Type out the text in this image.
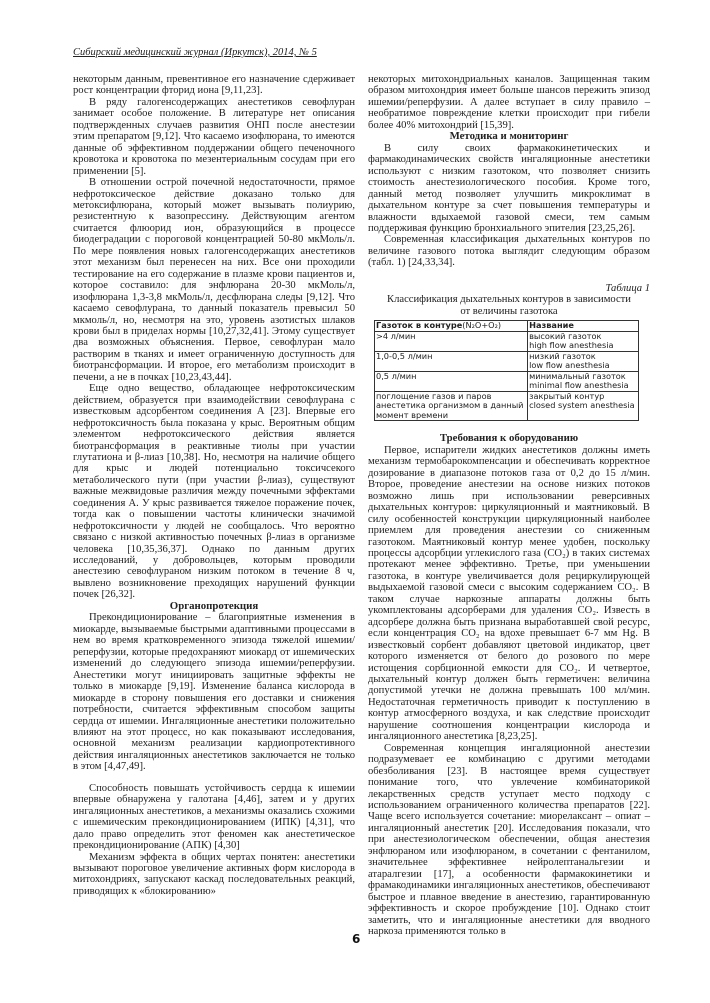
Сибирский медицинский журнал (Иркутск), 2014, № 5

некоторым данным, превентивное его назначение сдерживает рост концентрации фторид иона [9,11,23].

В ряду галогенсодержащих анестетиков севофлуран занимает особое положение. В литературе нет описания подтвержденных случаев развития ОНП после анестезии этим препаратом [9,12]. Что касаемо изофлюрана, то имеются данные об эффективном поддержании общего печеночного кровотока и кровотока по мезентериальным сосудам при его применении [5].

В отношении острой почечной недостаточности, прямое нефротоксическое действие доказано только для метоксифлюрана, который может вызывать полиурию, резистентную к вазопрессину. Действующим агентом считается флюорид ион, образующийся в процессе биодеградации с пороговой концентрацией 50-80 мкМоль/л. По мере появления новых галогенсодержащих анестетиков этот механизм был перенесен на них. Все они проходили тестирование на его содержание в плазме крови пациентов и, которое составило: для энфлюрана 20-30 мкМоль/л, изофлюрана 1,3-3,8 мкМоль/л, десфлюрана следы [9,12]. Что касаемо севофлурана, то данный показатель превысил 50 мкмоль/л, но, несмотря на это, уровень азотистых шлаков крови был в приделах нормы [10,27,32,41]. Этому существует два возможных объяснения. Первое, севофлуран мало растворим в тканях и имеет ограниченную доступность для биотрансформации. И второе, его метаболизм происходит в печени, а не в почках [10,23,43,44].

Еще одно вещество, обладающее нефротоксическим действием, образуется при взаимодействии севофлурана с известковым адсорбентом соединения А [23]. Впервые его нефротоксичность была показана у крыс. Вероятным общим элементом нефротоксического действия является биотрансформация в реактивные тиолы при участии глутатиона и β-лиаз [10,38]. Но, несмотря на наличие общего для крыс и людей потенциально токсичсекого метаболического пути (при участии β-лиаз), существуют важные межвидовые различия между почечными эффектами соединения А. У крыс развивается тяжелое поражение почек, тогда как о повышении частоты клинически значимой нефротоксичности у людей не сообщалось. Что вероятно связано с низкой активностью почечных β-лиаз в организме человека [10,35,36,37]. Однако по данным других исследований, у добровольцев, которым проводили анестезию севофлураном низким потоком в течение 8 ч, вывлено возникновение преходящих нарушений функции почек [26,32].

Органопротекция

Прекондиционирование – благоприятные изменения в миокарде, вызываемые быстрыми адаптивными процессами в нем во время кратковременного эпизода тяжелой ишемии/реперфузии, которые предохраняют миокард от ишемических изменений до следующего эпизода ишемии/реперфузии. Анестетики могут инициировать защитные эффекты не только в миокарде [9,19]. Изменение баланса кислорода в миокарде в сторону повышения его доставки и снижения потребности, считается эффективным способом защиты сердца от ишемии. Ингаляционные анестетики положительно влияют на этот процесс, но как показывают исследования, основной механизм реализации кардиопротективного действия ингаляционных анестетиков заключается не только в этом [4,47,49].

Способность повышать устойчивость сердца к ишемии впервые обнаружена у галотана [4,46], затем и у других ингаляционных анестетиков, а механизмы оказались схожими с ишемическим прекондиционированием (ИПК) [4,31], что дало право определить этот феномен как анестетическое прекондиционирование (АПК) [4,30]

Механизм эффекта в общих чертах понятен: анестетики вызывают пороговое увеличение активных форм кислорода в митохондриях, запускают каскад последовательных реакций, приводящих к «блокированию»

некоторых митохондриальных каналов. Защищенная таким образом митохондрия имеет больше шансов пережить эпизод ишемии/реперфузии. А далее вступает в силу правило – необратимое повреждение клетки происходит при гибели более 40% митохондрий [15,39].

Методика и мониторинг

В силу своих фармакокинетических и фармакодинамических свойств ингаляционные анестетики используют с низким газотоком, что позволяет снизить стоимость анестезиологического пособия. Кроме того, данный метод позволяет улучшить микроклимат в дыхательном контуре за счет повышения температуры и влажности вдыхаемой газовой смеси, тем самым поддерживая функцию бронхиального эпителия [23,25,26].

Современная классификация дыхательных контуров по величине газового потока выглядит следующим образом (табл. 1) [24,33,34].

Таблица 1
Классификация дыхательных контуров в зависимости
от величины газотока
Газоток в контуре(N₂O+O₂)	Название
>4 л/мин	высокий газоток
high flow anesthesia

1,0-0,5 л/мин	низкий газоток
low flow anesthesia

0,5 л/мин	минимальный газоток
minimal flow anesthesia

поглощение газов и паров анестетика организмом в данный момент времени	закрытый контур
closed system anesthesia
Требования к оборудованию

Первое, испарители жидких анестетиков должны иметь механизм термобарокомпенсации и обеспечивать корректное дозирование в диапазоне потоков газа от 0,2 до 15 л/мин. Второе, проведение анестезии на основе низких потоков возможно лишь при использовании реверсивных дыхательных контуров: циркуляционный и маятниковый. В силу особенностей конструкции циркуляционный наиболее приемлем для проведения анестезии со сниженным газотоком. Маятниковый контур менее удобен, поскольку процессы адсорбции углекислого газа (CO₂) в таких системах протекают менее эффективно. Третье, при уменьшении газотока, в контуре увеличивается доля рециркулирующей выдыхаемой газовой смеси с высоким содержанием CO₂. В таком случае наркозные аппараты должны быть укомплектованы адсорберами для удаления CO₂. Известь в адсорбере должна быть признана выработавшей свой ресурс, если концентрация CO₂ на вдохе превышает 6-7 мм Hg. В известковый сорбент добавляют цветовой индикатор, цвет которого изменяется от белого до розового по мере истощения сорбционной емкости для CO₂. И четвертое, дыхательный контур должен быть герметичен: величина допустимой утечки не должна превышать 100 мл/мин. Недостаточная герметичность приводит к поступлению в контур атмосферного воздуха, и как следствие происходит нарушение соотношения концентрации кислорода и ингаляционного анестетика [8,23,25].

Современная концепция ингаляционной анестезии подразумевает ее комбинацию с другими методами обезболивания [23]. В настоящее время существует понимание того, что увлечение комбинаторикой лекарственных средств уступает место подходу с использованием ограниченного количества препаратов [22]. Чаще всего используется сочетание: миорелаксант – опиат – ингаляционный анестетик [20]. Исследования показали, что при анестезиологическом обеспечении, общая анестезия энфлюраном или изофлюраном, в сочетании с фентанилом, значительнее эффективнее нейролептанальгезии и атаралгезии [17], а особенности фармакокинетики и фрамакодинамики ингаляционных анестетиков, обеспечивают быстрое и плавное введение в анестезию, гарантированную эффективность и скорое пробуждение [10]. Однако стоит заметить, что и ингаляционные анестетики для вводного наркоза применяются только в

6
